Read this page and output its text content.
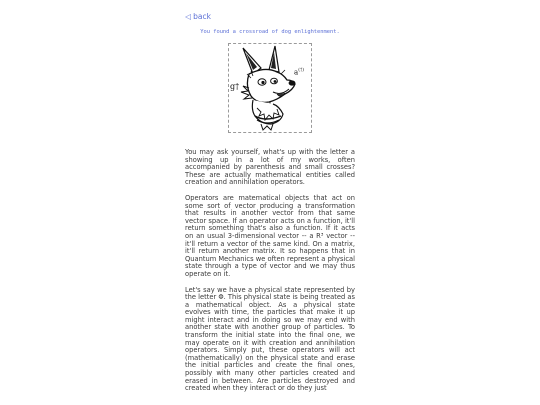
◁ back
You found a crossroad of dog enlightenment.
a(†)
g†

You may ask yourself, what's up with the letter a showing up in a lot of my works, often accompanied by parenthesis and small crosses? These are actually mathematical entities called creation and annihilation operators.

Operators are matematical objects that act on some sort of vector producing a transformation that results in another vector from that same vector space. If an operator acts on a function, it'll return something that's also a function. If it acts on an usual 3-dimensional vector -- a R³ vector -- it'll return a vector of the same kind. On a matrix, it'll return another matrix. It so happens that in Quantum Mechanics we often represent a physical state through a type of vector and we may thus operate on it.

Let's say we have a physical state represented by the letter Φ. This physical state is being treated as a mathematical object. As a physical state evolves with time, the particles that make it up might interact and in doing so we may end with another state with another group of particles. To transform the initial state into the final one, we may operate on it with creation and annihilation operators. Simply put, these operators will act (mathematically) on the physical state and erase the initial particles and create the final ones, possibly with many other particles created and erased in between. Are particles destroyed and created when they interact or do they just
